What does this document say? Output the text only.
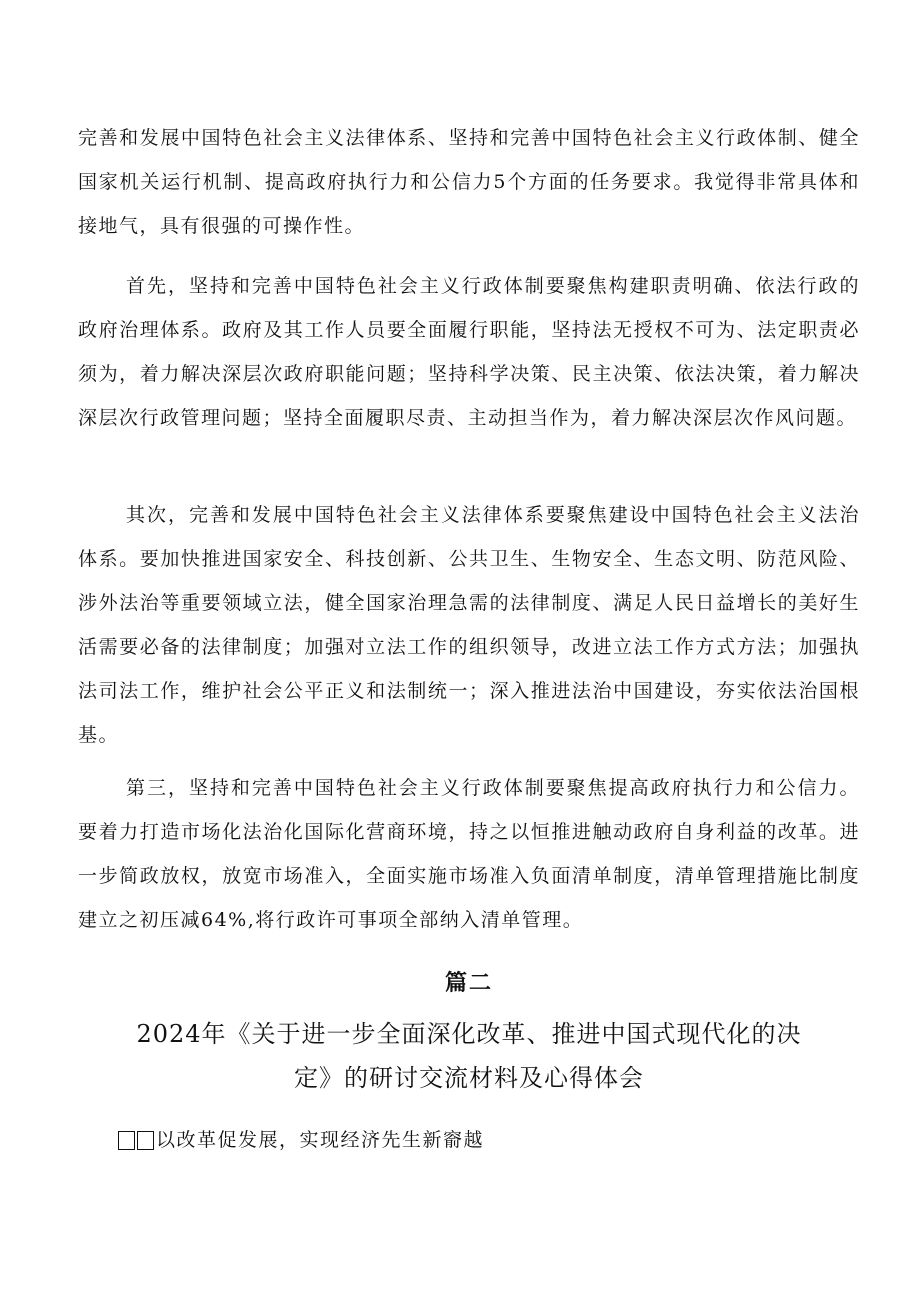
完善和发展中国特色社会主义法律体系、坚持和完善中国特色社会主义行政体制、健全国家机关运行机制、提高政府执行力和公信力5个方面的任务要求。我觉得非常具体和接地气，具有很强的可操作性。

首先，坚持和完善中国特色社会主义行政体制要聚焦构建职责明确、依法行政的政府治理体系。政府及其工作人员要全面履行职能，坚持法无授权不可为、法定职责必须为，着力解决深层次政府职能问题；坚持科学决策、民主决策、依法决策，着力解决深层次行政管理问题；坚持全面履职尽责、主动担当作为，着力解决深层次作风问题。

其次，完善和发展中国特色社会主义法律体系要聚焦建设中国特色社会主义法治体系。要加快推进国家安全、科技创新、公共卫生、生物安全、生态文明、防范风险、涉外法治等重要领域立法，健全国家治理急需的法律制度、满足人民日益增长的美好生活需要必备的法律制度；加强对立法工作的组织领导，改进立法工作方式方法；加强执法司法工作，维护社会公平正义和法制统一；深入推进法治中国建设，夯实依法治国根基。

第三，坚持和完善中国特色社会主义行政体制要聚焦提高政府执行力和公信力。要着力打造市场化法治化国际化营商环境，持之以恒推进触动政府自身利益的改革。进一步简政放权，放宽市场准入，全面实施市场准入负面清单制度，清单管理措施比制度建立之初压减64%,将行政许可事项全部纳入清单管理。

篇二
2024年《关于进一步全面深化改革、推进中国式现代化的决定》的研讨交流材料及心得体会
以改革促发展，实现经济先生新窬越
